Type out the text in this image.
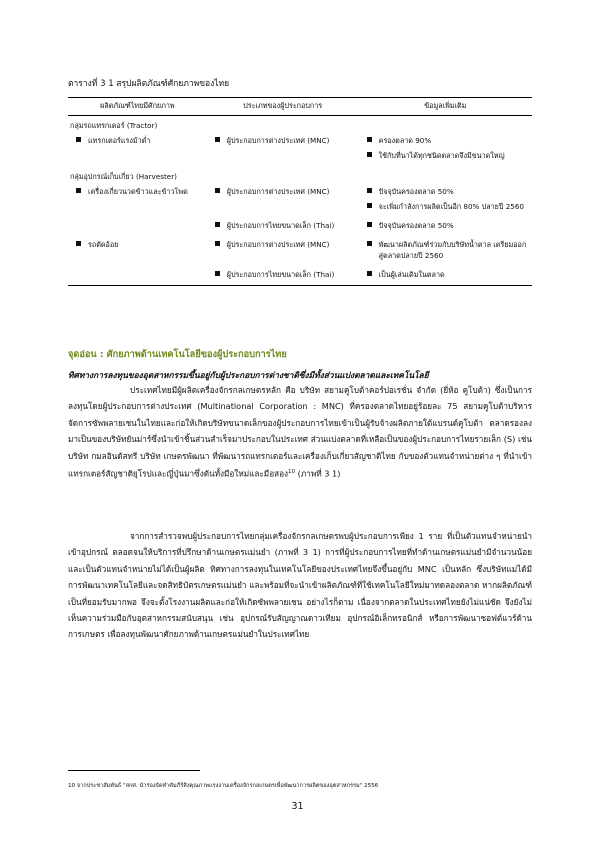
ตารางที่ 3 1 สรุปผลิตภัณฑ์ศักยภาพของไทย
ผลิตภัณฑ์ไทยมีศักยภาพ	ประเภทของผู้ประกอบการ	ข้อมูลเพิ่มเติม
กลุ่มรถแทรกเตอร์ (Tractor)		

แทรกเตอร์แรงม้าต่ำ	ผู้ประกอบการต่างประเทศ (MNC)	ครองตลาด 90%
ใช้กับที่นาได้ทุกชนิดตลาดจึงมีขนาดใหญ่

กลุ่มอุปกรณ์เก็บเกี่ยว (Harvester)		

เครื่องเกี่ยวนวดข้าวและข้าวโพด	ผู้ประกอบการต่างประเทศ (MNC)	ปัจจุบันครองตลาด 50%
จะเพิ่มกำลังการผลิตเป็นอีก 80% ปลายปี 2560

	ผู้ประกอบการไทยขนาดเล็ก (Thai)	ปัจจุบันครองตลาด 50%

รถตัดอ้อย	ผู้ประกอบการต่างประเทศ (MNC)	พัฒนาผลิตภัณฑ์ร่วมกับบริษัทน้ำตาล เตรียมออกสู่ตลาดปลายปี 2560

	ผู้ประกอบการไทยขนาดเล็ก (Thai)	เป็นผู้เล่นเดิมในตลาด
จุดอ่อน : ศักยภาพด้านเทคโนโลยีของผู้ประกอบการไทย
ทิศทางการลงทุนของอุตสาหกรรมขึ้นอยู่กับผู้ประกอบการต่างชาติซึ่งมีทั้งส่วนแบ่งตลาดและเทคโนโลยี
ประเทศไทยมีผู้ผลิตเครื่องจักรกลเกษตรหลัก คือ บริษัท สยามคูโบต้าคอร์ปอเรชั่น จำกัด (ยี่ห้อ คูโบต้า) ซึ่งเป็นการลงทุนโดยผู้ประกอบการต่างประเทศ (Multinational Corporation : MNC) ที่ครองตลาดไทยอยู่ร้อยละ 75 สยามคูโบต้าบริหารจัดการซัพพลายเชนในไทยและก่อให้เกิดบริษัทขนาดเล็กของผู้ประกอบการไทยเข้าเป็นผู้รับจ้างผลิตภายใต้แบรนด์คูโบต้า ตลาดรองลงมาเป็นของบริษัทยันม่าร์ซึ่งนำเข้าชิ้นส่วนสำเร็จมาประกอบในประเทศ ส่วนแบ่งตลาดที่เหลือเป็นของผู้ประกอบการไทยรายเล็ก (S) เช่น บริษัท กมลอินดัสทรี บริษัท เกษตรพัฒนา ที่พัฒนารถแทรกเตอร์และเครื่องเก็บเกี่ยวสัญชาติไทย กับของตัวแทนจำหน่ายต่าง ๆ ที่นำเข้าแทรกเตอร์สัญชาติยุโรปและญี่ปุ่นมาซึ่งดันทั้งมือใหม่และมือสอง$^{10}$ (ภาพที่ 3 1)
จากการสำรวจพบผู้ประกอบการไทยกลุ่มเครื่องจักรกลเกษตรพบผู้ประกอบการเพียง 1 ราย ที่เป็นตัวแทนจำหน่ายนำเข้าอุปกรณ์ ตลอดจนให้บริการที่ปรึกษาด้านเกษตรแม่นยำ (ภาพที่ 3 1) การที่ผู้ประกอบการไทยที่ทำด้านเกษตรแม่นยำมีจำนวนน้อยและเป็นตัวแทนจำหน่ายไม่ได้เป็นผู้ผลิต ทิศทางการลงทุนในเทคโนโลยีของประเทศไทยจึงขึ้นอยู่กับ MNC เป็นหลัก ซึ่งบริษัทแม่ได้มีการพัฒนาเทคโนโลยีและจดสิทธิบัตรเกษตรแม่นยำ และพร้อมที่จะนำเข้าผลิตภัณฑ์ที่ใช้เทคโนโลยีใหม่มาทดลองตลาด หากผลิตภัณฑ์เป็นที่ยอมรับมากพอ จึงจะตั้งโรงงานผลิตและก่อให้เกิดซัพพลายเชน อย่างไรก็ตาม เนื่องจากตลาดในประเทศไทยยังไม่แน่ชัด จึงยังไม่เห็นความร่วมมือกับอุตสาหกรรมสนับสนุน เช่น อุปกรณ์รับสัญญาณดาวเทียม อุปกรณ์อิเล็กทรอนิกส์ หรือการพัฒนาซอฟต์แวร์ด้านการเกษตร เพื่อลงทุนพัฒนาศักยภาพด้านเกษตรแม่นยำในประเทศไทย
10 จากประชาสัมพันธ์ "สกศ. นำร่องจัดทำคัมภีร์สิงคุณภาพแรงงานเครื่องจักรกลเกษตรเพื่อพัฒนาการผลิตของอุตสาหกรรม" 2556
31
